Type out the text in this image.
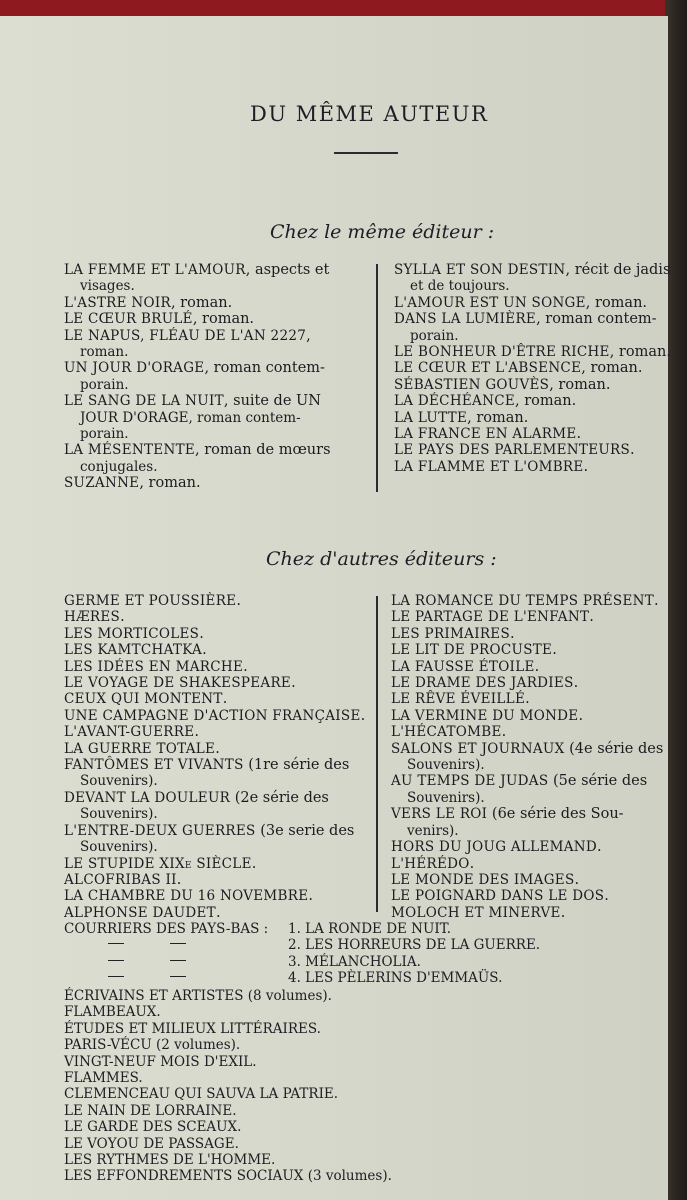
DU MÊME AUTEUR
Chez le même éditeur :
LA FEMME ET L'AMOUR, aspects et
visages.
L'ASTRE NOIR, roman.
LE CŒUR BRULÉ, roman.
LE NAPUS, FLÉAU DE L'AN 2227,
roman.
UN JOUR D'ORAGE, roman contem-
porain.
LE SANG DE LA NUIT, suite de UN
JOUR D'ORAGE, roman contem-
porain.
LA MÉSENTENTE, roman de mœurs
conjugales.
SUZANNE, roman.
SYLLA ET SON DESTIN, récit de jadis
et de toujours.
L'AMOUR EST UN SONGE, roman.
DANS LA LUMIÈRE, roman contem-
porain.
LE BONHEUR D'ÊTRE RICHE, roman.
LE CŒUR ET L'ABSENCE, roman.
SÉBASTIEN GOUVÈS, roman.
LA DÉCHÉANCE, roman.
LA LUTTE, roman.
LA FRANCE EN ALARME.
LE PAYS DES PARLEMENTEURS.
LA FLAMME ET L'OMBRE.
Chez d'autres éditeurs :
GERME ET POUSSIÈRE.
HÆRES.
LES MORTICOLES.
LES KAMTCHATKA.
LES IDÉES EN MARCHE.
LE VOYAGE DE SHAKESPEARE.
CEUX QUI MONTENT.
UNE CAMPAGNE D'ACTION FRANÇAISE.
L'AVANT-GUERRE.
LA GUERRE TOTALE.
FANTÔMES ET VIVANTS (1re série des
Souvenirs).
DEVANT LA DOULEUR (2e série des
Souvenirs).
L'ENTRE-DEUX GUERRES (3e serie des
Souvenirs).
LE STUPIDE XIXe SIÈCLE.
ALCOFRIBAS II.
LA CHAMBRE DU 16 NOVEMBRE.
ALPHONSE DAUDET.
LA ROMANCE DU TEMPS PRÉSENT.
LE PARTAGE DE L'ENFANT.
LES PRIMAIRES.
LE LIT DE PROCUSTE.
LA FAUSSE ÉTOILE.
LE DRAME DES JARDIES.
LE RÊVE ÉVEILLÉ.
LA VERMINE DU MONDE.
L'HÉCATOMBE.
SALONS ET JOURNAUX (4e série des
Souvenirs).
AU TEMPS DE JUDAS (5e série des
Souvenirs).
VERS LE ROI (6e série des Sou-
venirs).
HORS DU JOUG ALLEMAND.
L'HÉRÉDO.
LE MONDE DES IMAGES.
LE POIGNARD DANS LE DOS.
MOLOCH ET MINERVE.
COURRIERS DES PAYS-BAS :	1. LA RONDE DE NUIT.
2. LES HORREURS DE LA GUERRE.
3. MÉLANCHOLIA.
4. LES PÈLERINS D'EMMAÜS.
ÉCRIVAINS ET ARTISTES (8 volumes).
FLAMBEAUX.
ÉTUDES ET MILIEUX LITTÉRAIRES.
PARIS-VÉCU (2 volumes).
VINGT-NEUF MOIS D'EXIL.
FLAMMES.
CLEMENCEAU QUI SAUVA LA PATRIE.
LE NAIN DE LORRAINE.
LE GARDE DES SCEAUX.
LE VOYOU DE PASSAGE.
LES RYTHMES DE L'HOMME.
LES EFFONDREMENTS SOCIAUX (3 volumes).
